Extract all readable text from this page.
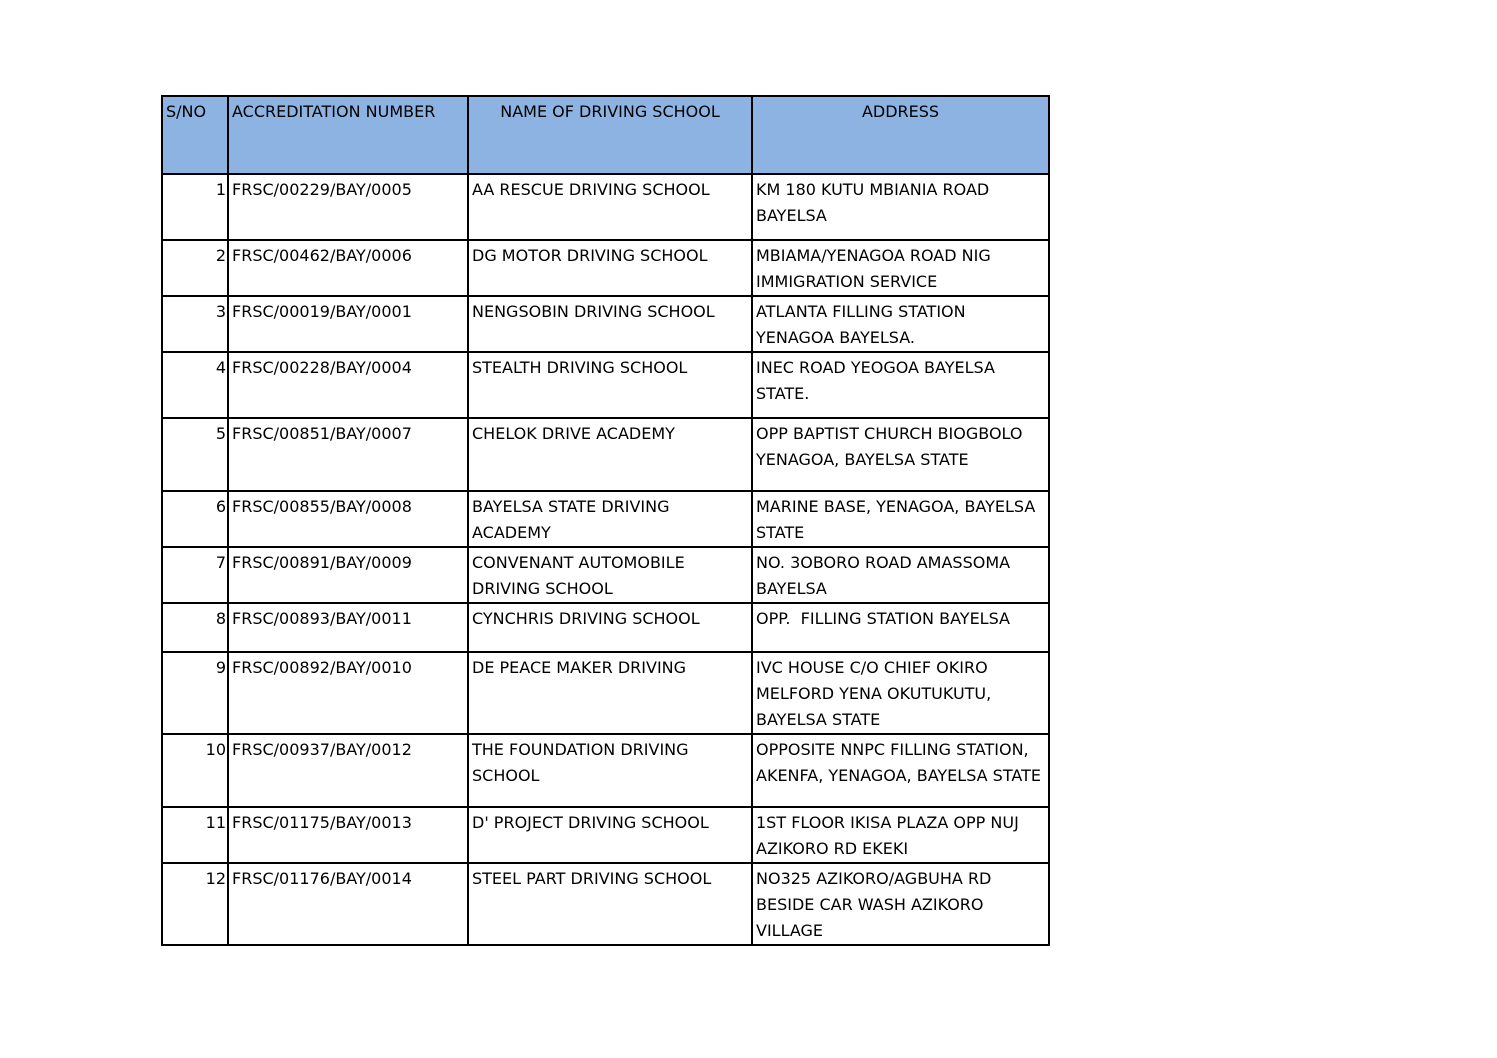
S/NO	ACCREDITATION NUMBER	NAME OF DRIVING SCHOOL	ADDRESS
1	FRSC/00229/BAY/0005	AA RESCUE DRIVING SCHOOL	KM 180 KUTU MBIANIA ROAD BAYELSA
2	FRSC/00462/BAY/0006	DG MOTOR DRIVING SCHOOL	MBIAMA/YENAGOA ROAD NIG IMMIGRATION SERVICE
3	FRSC/00019/BAY/0001	NENGSOBIN DRIVING SCHOOL	ATLANTA FILLING STATION YENAGOA BAYELSA.
4	FRSC/00228/BAY/0004	STEALTH DRIVING SCHOOL	INEC ROAD YEOGOA BAYELSA STATE.
5	FRSC/00851/BAY/0007	CHELOK DRIVE ACADEMY	OPP BAPTIST CHURCH BIOGBOLO YENAGOA, BAYELSA STATE
6	FRSC/00855/BAY/0008	BAYELSA STATE DRIVING ACADEMY	MARINE BASE, YENAGOA, BAYELSA STATE
7	FRSC/00891/BAY/0009	CONVENANT AUTOMOBILE DRIVING SCHOOL	NO. 3OBORO ROAD AMASSOMA BAYELSA
8	FRSC/00893/BAY/0011	CYNCHRIS DRIVING SCHOOL	OPP.  FILLING STATION BAYELSA
9	FRSC/00892/BAY/0010	DE PEACE MAKER DRIVING	IVC HOUSE C/O CHIEF OKIRO MELFORD YENA OKUTUKUTU, BAYELSA STATE
10	FRSC/00937/BAY/0012	THE FOUNDATION DRIVING SCHOOL	OPPOSITE NNPC FILLING STATION, AKENFA, YENAGOA, BAYELSA STATE
11	FRSC/01175/BAY/0013	D' PROJECT DRIVING SCHOOL	1ST FLOOR IKISA PLAZA OPP NUJ AZIKORO RD EKEKI
12	FRSC/01176/BAY/0014	STEEL PART DRIVING SCHOOL	NO325 AZIKORO/AGBUHA RD BESIDE CAR WASH AZIKORO VILLAGE
